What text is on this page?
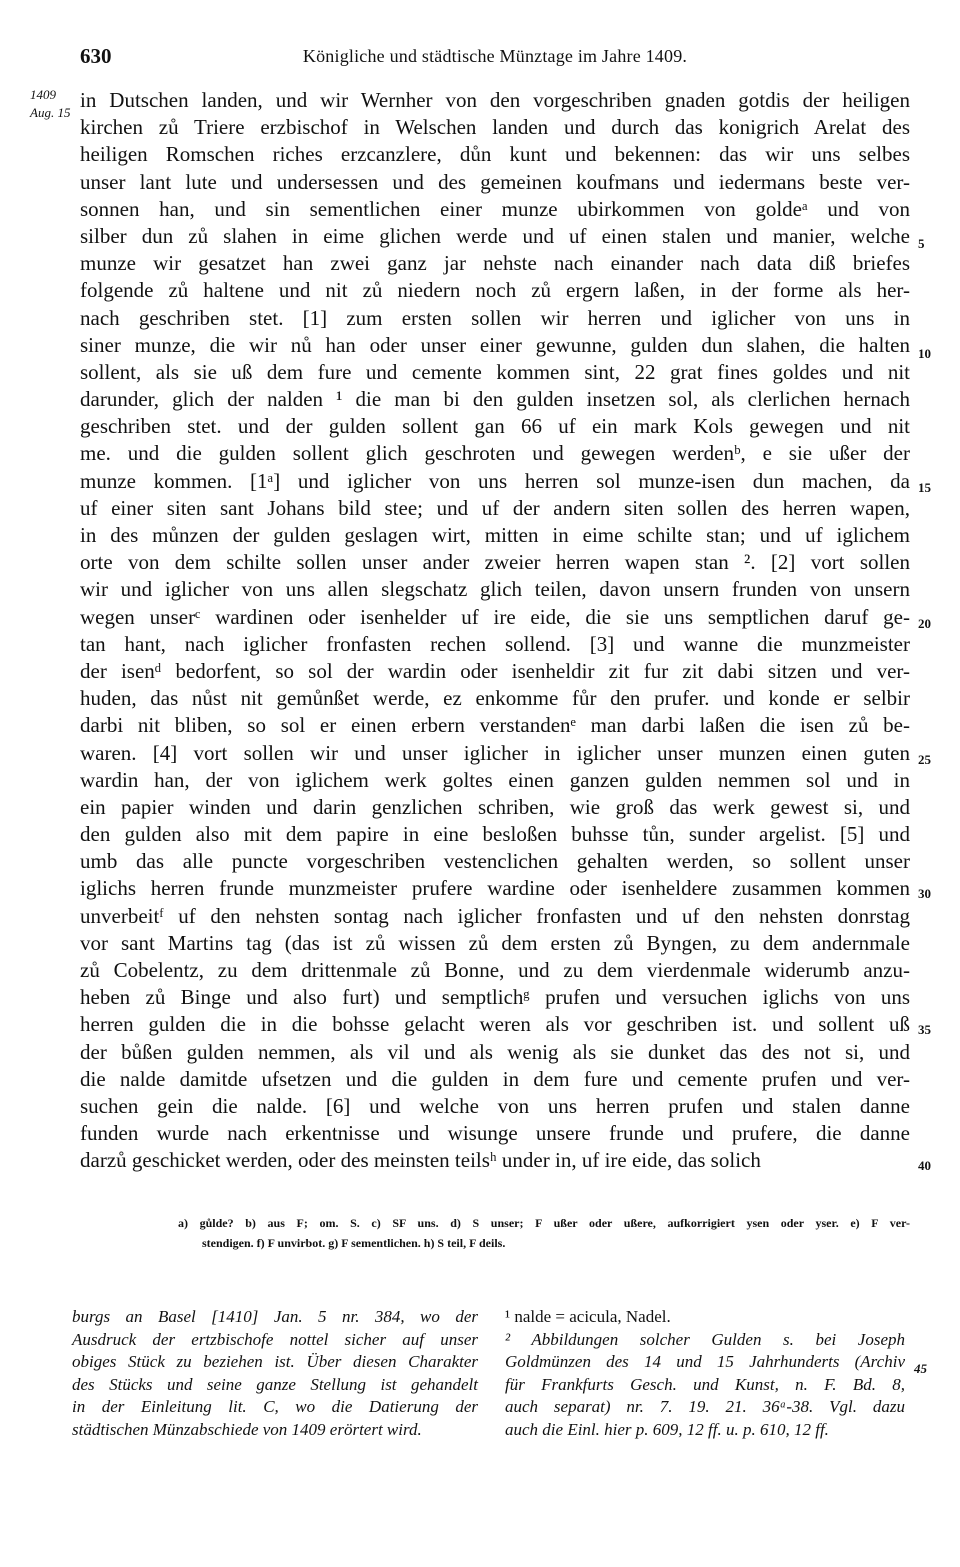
630	Königliche und städtische Münztage im Jahre 1409.
1409
Aug. 15
in Dutschen landen, und wir Wernher von den vorgeschriben gnaden gotdis der heiligen
kirchen zů Triere erzbischof in Welschen landen und durch das konigrich Arelat des
heiligen Romschen riches erzcanzlere, důn kunt und bekennen: das wir uns selbes
unser lant lute und undersessen und des gemeinen koufmans und iedermans beste ver-
sonnen han, und sin sementlichen einer munze ubirkommen von goldeᵃ und von
silber dun zů slahen in eime glichen werde und uf einen stalen und manier, welche
munze wir gesatzet han zwei ganz jar nehste nach einander nach data diß briefes
folgende zů haltene und nit zů niedern noch zů ergern laßen, in der forme als her-
nach geschriben stet. [1] zum ersten sollen wir herren und iglicher von uns in
siner munze, die wir nů han oder unser einer gewunne, gulden dun slahen, die halten
sollent, als sie uß dem fure und cemente kommen sint, 22 grat fines goldes und nit
darunder, glich der nalden ¹ die man bi den gulden insetzen sol, als clerlichen hernach
geschriben stet. und der gulden sollent gan 66 uf ein mark Kols gewegen und nit
me. und die gulden sollent glich geschroten und gewegen werdenᵇ, e sie ußer der
munze kommen. [1ᵃ] und iglicher von uns herren sol munze-isen dun machen, da
uf einer siten sant Johans bild stee; und uf der andern siten sollen des herren wapen,
in des můnzen der gulden geslagen wirt, mitten in eime schilte stan; und uf iglichem
orte von dem schilte sollen unser ander zweier herren wapen stan ². [2] vort sollen
wir und iglicher von uns allen slegschatz glich teilen, davon unsern frunden von unsern
wegen unserᶜ wardinen oder isenhelder uf ire eide, die sie uns semptlichen daruf ge-
tan hant, nach iglicher fronfasten rechen sollend. [3] und wanne die munzmeister
der isenᵈ bedorfent, so sol der wardin oder isenheldir zit fur zit dabi sitzen und ver-
huden, das nůst nit gemůnßet werde, ez enkomme fůr den prufer. und konde er selbir
darbi nit bliben, so sol er einen erbern verstandenᵉ man darbi laßen die isen zů be-
waren. [4] vort sollen wir und unser iglicher in iglicher unser munzen einen guten
wardin han, der von iglichem werk goltes einen ganzen gulden nemmen sol und in
ein papier winden und darin genzlichen schriben, wie groß das werk gewest si, und
den gulden also mit dem papire in eine besloßen buhsse tůn, sunder argelist. [5] und
umb das alle puncte vorgeschriben vestenclichen gehalten werden, so sollent unser
iglichs herren frunde munzmeister prufere wardine oder isenheldere zusammen kommen
unverbeitᶠ uf den nehsten sontag nach iglicher fronfasten und uf den nehsten donrstag
vor sant Martins tag (das ist zů wissen zů dem ersten zů Byngen, zu dem andernmale
zů Cobelentz, zu dem drittenmale zů Bonne, und zu dem vierdenmale widerumb anzu-
heben zů Binge und also furt) und semptlichᵍ prufen und versuchen iglichs von uns
herren gulden die in die bohsse gelacht weren als vor geschriben ist. und sollent uß
der bůßen gulden nemmen, als vil und als wenig als sie dunket das des not si, und
die nalde damitde ufsetzen und die gulden in dem fure und cemente prufen und ver-
suchen gein die nalde. [6] und welche von uns herren prufen und stalen danne
funden wurde nach erkentnisse und wisunge unsere frunde und prufere, die danne
darzů geschicket werden, oder des meinsten teilsʰ under in, uf ire eide, das solich
5
10
15
20
25
30
35
40
45
a) gůlde? b) aus F; om. S. c) SF uns. d) S unser; F ußer oder ußere, aufkorrigiert ysen oder yser. e) F ver-
stendigen. f) F unvirbot. g) F sementlichen. h) S teil, F deils.
burgs an Basel [1410] Jan. 5 nr. 384, wo der
Ausdruck der ertzbischofe nottel sicher auf unser
obiges Stück zu beziehen ist. Über diesen Charakter
des Stücks und seine ganze Stellung ist gehandelt
in der Einleitung lit. C, wo die Datierung der
städtischen Münzabschiede von 1409 erörtert wird.
¹ nalde = acicula, Nadel.
² Abbildungen solcher Gulden s. bei Joseph
Goldmünzen des 14 und 15 Jahrhunderts (Archiv
für Frankfurts Gesch. und Kunst, n. F. Bd. 8,
auch separat) nr. 7. 19. 21. 36ᵃ-38. Vgl. dazu
auch die Einl. hier p. 609, 12 ff. u. p. 610, 12 ff.
